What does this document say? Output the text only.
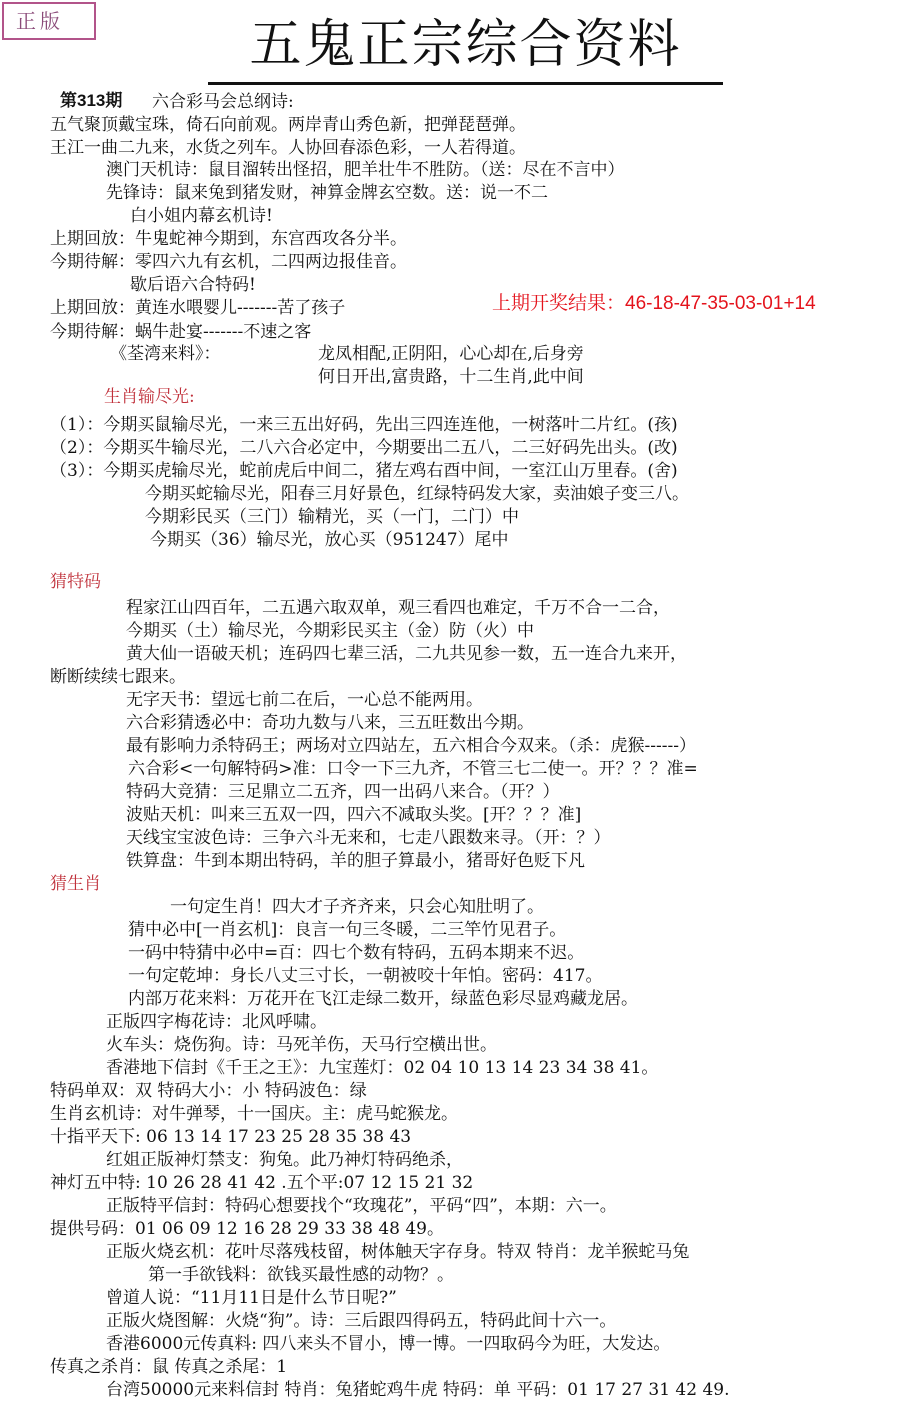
正版	五鬼正宗综合资料
第313期
上期开奖结果：46-18-47-35-03-01+14
六合彩马会总纲诗:
五气聚顶戴宝珠，倚石向前观。两岸青山秀色新，把弹琵琶弹。
王江一曲二九来，水货之列车。人协回春添色彩，一人若得道。
澳门天机诗：鼠目溜转出怪招，肥羊壮牛不胜防。（送：尽在不言中）
先锋诗：鼠来兔到猪发财，神算金牌玄空数。送：说一不二
白小姐内幕玄机诗!
上期回放：牛鬼蛇神今期到，东宫西攻各分半。
今期待解：零四六九有玄机，二四两边报佳音。
歇后语六合特码!
上期回放：黄连水喂婴儿-------苦了孩子
今期待解：蜗牛赴宴-------不速之客
《荃湾来料》：	龙凤相配,正阴阳，心心却在,后身旁
何日开出,富贵路，十二生肖,此中间
生肖输尽光:
（1）：今期买鼠输尽光，一来三五出好码，先出三四连连他，一树落叶二片红。(孩)
（2）：今期买牛输尽光，二八六合必定中，今期要出二五八，二三好码先出头。(改)
（3）：今期买虎输尽光，蛇前虎后中间二，猪左鸡右酉中间，一室江山万里春。(舍)
今期买蛇输尽光，阳春三月好景色，红绿特码发大家，卖油娘子变三八。
今期彩民买（三门）输精光，买（一门，二门）中
今期买（36）输尽光，放心买（951247）尾中
猜特码
程家江山四百年，二五遇六取双单，观三看四也难定，千万不合一二合，
今期买（土）输尽光，今期彩民买主（金）防（火）中
黄大仙一语破天机；连码四七辈三活，二九共见参一数，五一连合九来开，
断断续续七跟来。
无字天书：望远七前二在后，一心总不能两用。
六合彩猜透必中：奇功九数与八来，三五旺数出今期。
最有影响力杀特码王；两场对立四站左，五六相合今双来。（杀：虎猴------）
六合彩<一句解特码>准：口令一下三九齐，不管三七二使一。开？？？准=
特码大竞猜：三足鼎立二五齐，四一出码八来合。（开？）
波贴天机：叫来三五双一四，四六不减取头奖。[开？？？准]
天线宝宝波色诗：三争六斗无来和，七走八跟数来寻。（开：？）
铁算盘：牛到本期出特码，羊的胆子算最小，猪哥好色贬下凡
猜生肖
一句定生肖！四大才子齐齐来，只会心知肚明了。
猜中必中[一肖玄机]：良言一句三冬暖，二三竿竹见君子。
一码中特猜中必中=百：四七个数有特码，五码本期来不迟。
一句定乾坤：身长八丈三寸长，一朝被咬十年怕。密码：417。
内部万花来料：万花开在飞江走绿二数开，绿蓝色彩尽显鸡藏龙居。
正版四字梅花诗：北风呼啸。
火车头：烧伤狗。诗：马死羊伤，天马行空横出世。
香港地下信封《千王之王》：九宝莲灯：02 04 10 13 14 23 34 38 41。
特码单双：双 特码大小：小 特码波色：绿
生肖玄机诗：对牛弹琴，十一国庆。主：虎马蛇猴龙。
十指平天下: 06 13 14 17 23 25 28 35 38 43
红姐正版神灯禁支：狗兔。此乃神灯特码绝杀，
神灯五中特: 10 26 28 41 42 .五个平:07 12 15 21 32
正版特平信封：特码心想要找个“玫瑰花”，平码“四”，本期：六一。
提供号码：01 06 09 12 16 28 29 33 38 48 49。
正版火烧玄机：花叶尽落残枝留，树体触天字存身。特双 特肖：龙羊猴蛇马兔
第一手欲钱料：欲钱买最性感的动物？。
曾道人说：“11月11日是什么节日呢?”
正版火烧图解：火烧“狗”。诗：三后跟四得码五，特码此间十六一。
香港6000元传真料: 四八来头不冒小，博一博。一四取码今为旺，大发达。
传真之杀肖：鼠 传真之杀尾：1
台湾50000元来料信封 特肖：兔猪蛇鸡牛虎 特码：单 平码：01 17 27 31 42 49.
